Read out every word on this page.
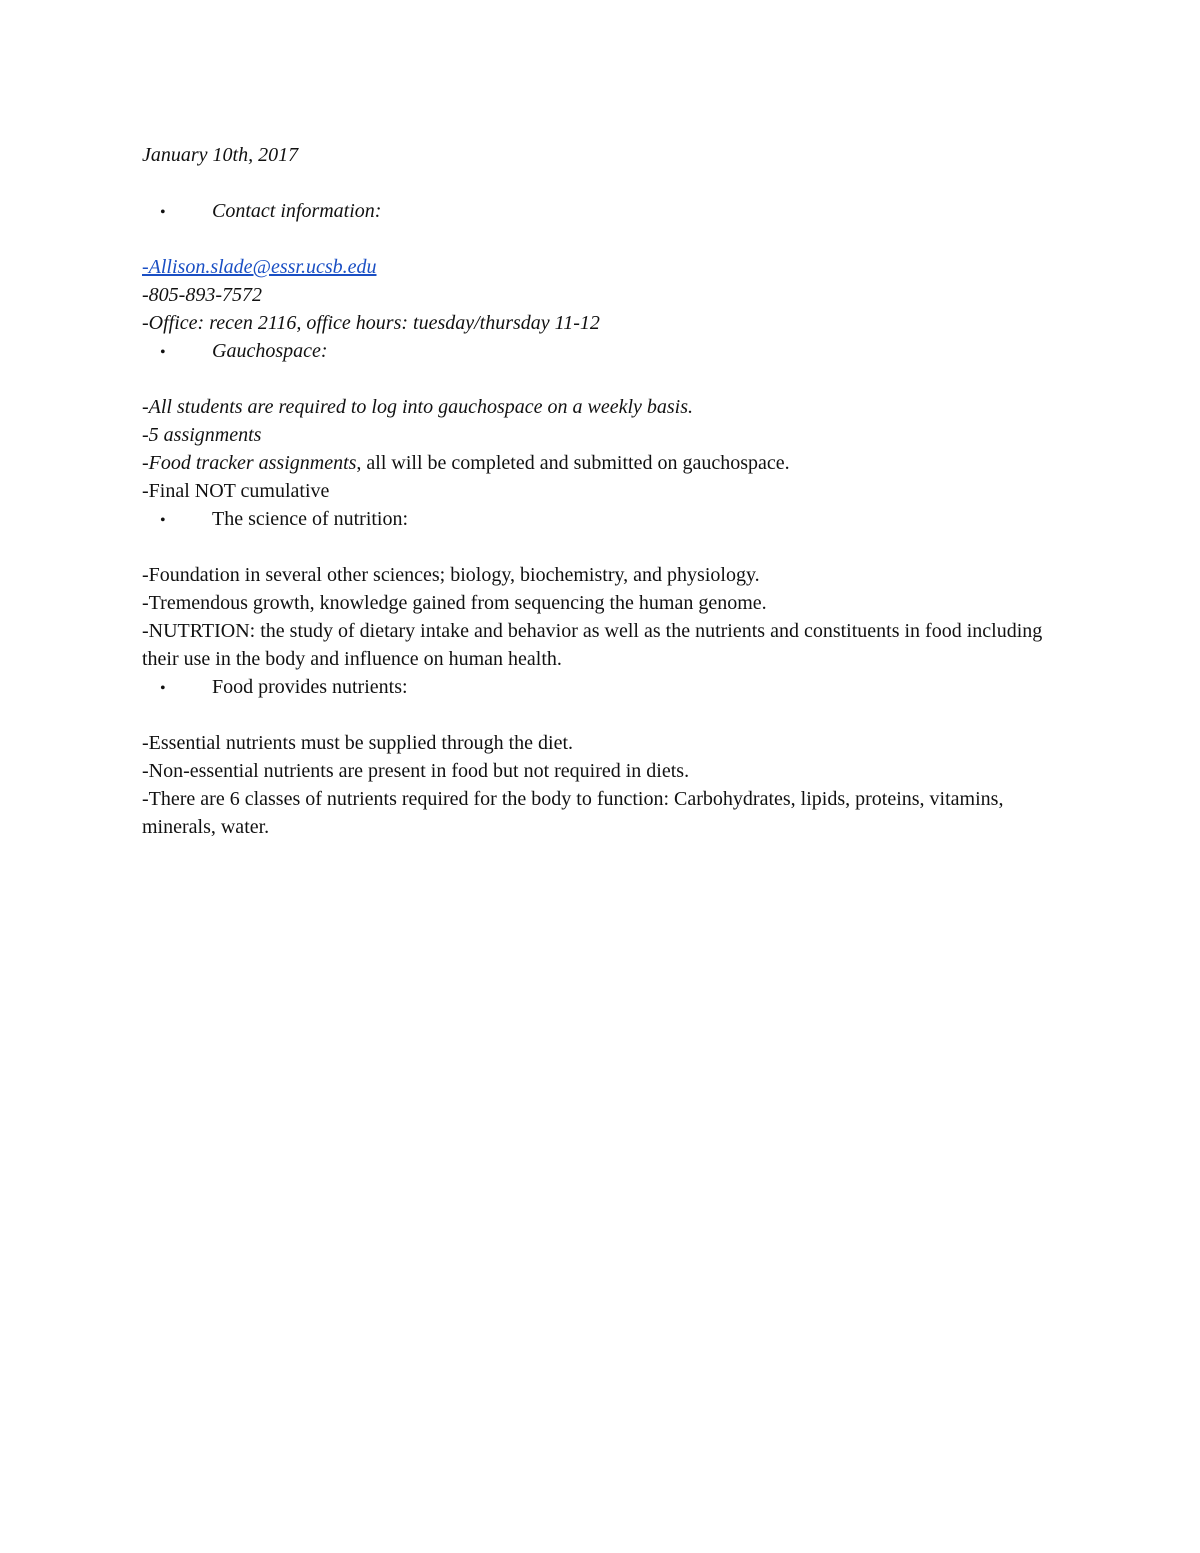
January 10th, 2017

•	Contact information:

-Allison.slade@essr.ucsb.edu

-805-893-7572

-Office: recen 2116, office hours: tuesday/thursday 11-12

•	Gauchospace:

-All students are required to log into gauchospace on a weekly basis.

-5 assignments

-Food tracker assignments, all will be completed and submitted on gauchospace.

-Final NOT cumulative

•	The science of nutrition:

-Foundation in several other sciences; biology, biochemistry, and physiology.

-Tremendous growth, knowledge gained from sequencing the human genome.

-NUTRTION: the study of dietary intake and behavior as well as the nutrients and constituents in food including their use in the body and influence on human health.

•	Food provides nutrients:

-Essential nutrients must be supplied through the diet.

-Non-essential nutrients are present in food but not required in diets.

-There are 6 classes of nutrients required for the body to function: Carbohydrates, lipids, proteins, vitamins, minerals, water.
